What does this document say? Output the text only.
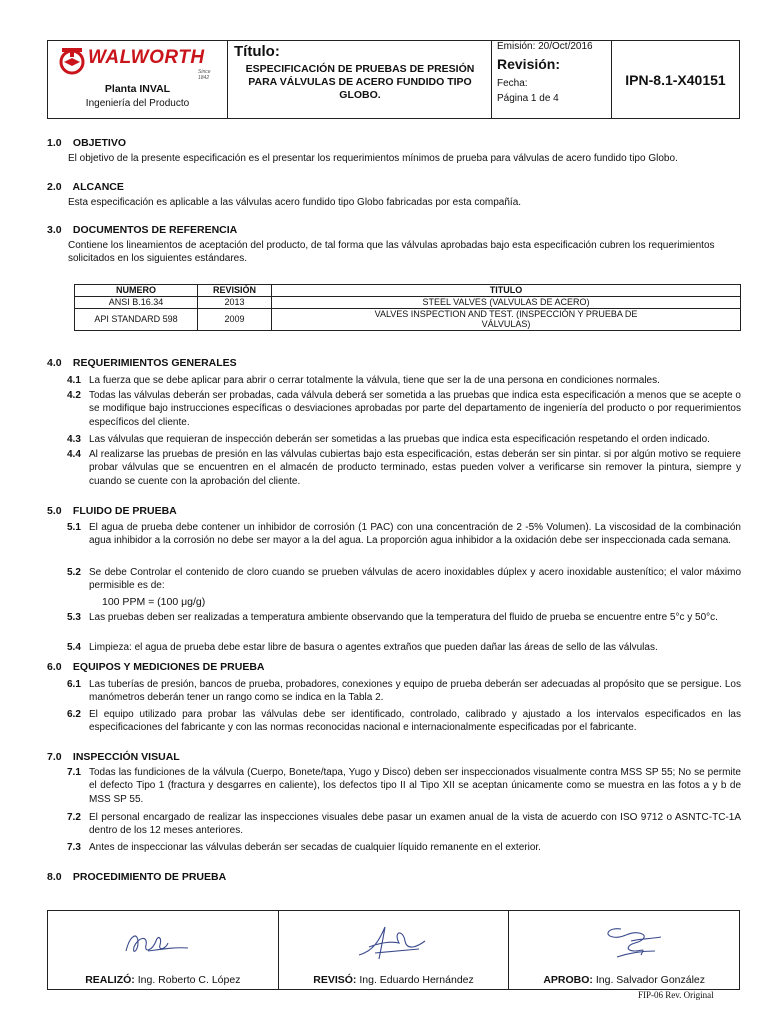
WALWORTH
Since 1842
Planta INVAL
Ingeniería del Producto
Título:
ESPECIFICACIÓN DE PRUEBAS DE PRESIÓN PARA VÁLVULAS DE ACERO FUNDIDO TIPO GLOBO.
Emisión: 20/Oct/2016
Revisión:
Fecha:
Página 1 de 4
IPN-8.1-X40151
1.0 OBJETIVO
El objetivo de la presente especificación es el presentar los requerimientos mínimos de prueba para válvulas de acero fundido tipo Globo.
2.0 ALCANCE
Esta especificación es aplicable a las válvulas acero fundido tipo Globo fabricadas por esta compañía.
3.0 DOCUMENTOS DE REFERENCIA
Contiene los lineamientos de aceptación del producto, de tal forma que las válvulas aprobadas bajo esta especificación cubren los requerimientos solicitados en los siguientes estándares.
NUMERO	REVISIÓN	TITULO
ANSI B.16.34	2013	STEEL VALVES (VALVULAS DE ACERO)
API STANDARD 598	2009	VALVES INSPECTION AND TEST. (INSPECCIÓN Y PRUEBA DE VÁLVULAS)
4.0 REQUERIMIENTOS GENERALES
4.1 La fuerza que se debe aplicar para abrir o cerrar totalmente la válvula, tiene que ser la de una persona en condiciones normales.
4.2 Todas las válvulas deberán ser probadas, cada válvula deberá ser sometida a las pruebas que indica esta especificación a menos que se acepte o se modifique bajo instrucciones específicas o desviaciones aprobadas por parte del departamento de ingeniería del producto o por requerimientos específicos del cliente.
4.3 Las válvulas que requieran de inspección deberán ser sometidas a las pruebas que indica esta especificación respetando el orden indicado.
4.4 Al realizarse las pruebas de presión en las válvulas cubiertas bajo esta especificación, estas deberán ser sin pintar. si por algún motivo se requiere probar válvulas que se encuentren en el almacén de producto terminado, estas pueden volver a verificarse sin remover la pintura, siempre y cuando se cuente con la aprobación del cliente.
5.0 FLUIDO DE PRUEBA
5.1 El agua de prueba debe contener un inhibidor de corrosión (1 PAC) con una concentración de 2 -5% Volumen). La viscosidad de la combinación agua inhibidor a la corrosión no debe ser mayor a la del agua. La proporción agua inhibidor a la oxidación debe ser inspeccionada cada semana.
5.2 Se debe Controlar el contenido de cloro cuando se prueben válvulas de acero inoxidables dúplex y acero inoxidable austenítico; el valor máximo permisible es de:
100 PPM = (100 μg/g)
5.3 Las pruebas deben ser realizadas a temperatura ambiente observando que la temperatura del fluido de prueba se encuentre entre 5°c y 50°c.
5.4 Limpieza: el agua de prueba debe estar libre de basura o agentes extraños que pueden dañar las áreas de sello de las válvulas.
6.0 EQUIPOS Y MEDICIONES DE PRUEBA
6.1 Las tuberías de presión, bancos de prueba, probadores, conexiones y equipo de prueba deberán ser adecuadas al propósito que se persigue. Los manómetros deberán tener un rango como se indica en la Tabla 2.
6.2 El equipo utilizado para probar las válvulas debe ser identificado, controlado, calibrado y ajustado a los intervalos especificados en las especificaciones del fabricante y con las normas reconocidas nacional e internacionalmente especificadas por el fabricante.
7.0 INSPECCIÓN VISUAL
7.1 Todas las fundiciones de la válvula (Cuerpo, Bonete/tapa, Yugo y Disco) deben ser inspeccionados visualmente contra MSS SP 55; No se permite el defecto Tipo 1 (fractura y desgarres en caliente), los defectos tipo II al Tipo XII se aceptan únicamente como se muestra en las fotos a y b de MSS SP 55.
7.2 El personal encargado de realizar las inspecciones visuales debe pasar un examen anual de la vista de acuerdo con ISO 9712 o ASNTC-TC-1A dentro de los 12 meses anteriores.
7.3 Antes de inspeccionar las válvulas deberán ser secadas de cualquier líquido remanente en el exterior.
8.0 PROCEDIMIENTO DE PRUEBA
REALIZÓ: Ing. Roberto C. López	REVISÓ: Ing. Eduardo Hernández	APROBO: Ing. Salvador González
FIP-06 Rev. Original
